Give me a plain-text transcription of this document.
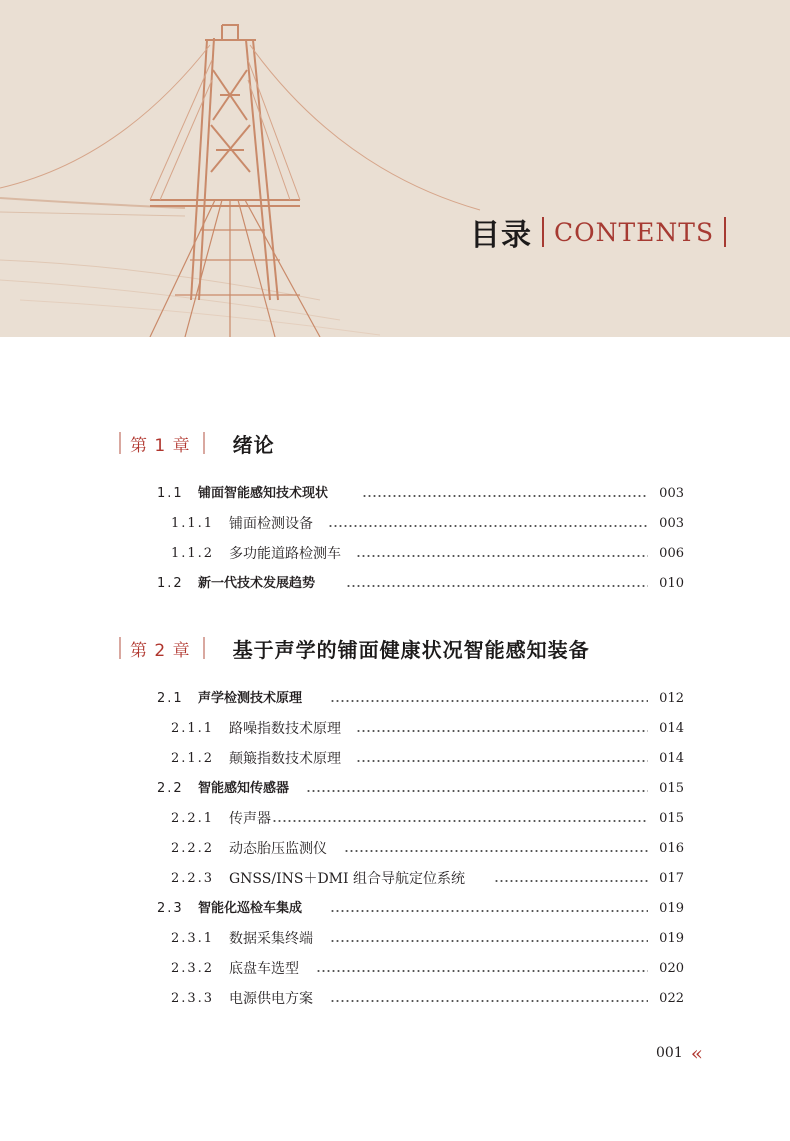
目录 CONTENTS
第 1 章	绪论
1.1 铺面智能感知技术现状	003
1.1.1 铺面检测设备	003
1.1.2 多功能道路检测车	006
1.2 新一代技术发展趋势	010
第 2 章	基于声学的铺面健康状况智能感知装备
2.1 声学检测技术原理	012
2.1.1 路噪指数技术原理	014
2.1.2 颠簸指数技术原理	014
2.2 智能感知传感器	015
2.2.1 传声器	015
2.2.2 动态胎压监测仪	016
2.2.3 GNSS/INS＋DMI 组合导航定位系统	017
2.3 智能化巡检车集成	019
2.3.1 数据采集终端	019
2.3.2 底盘车选型	020
2.3.3 电源供电方案	022
001 «
